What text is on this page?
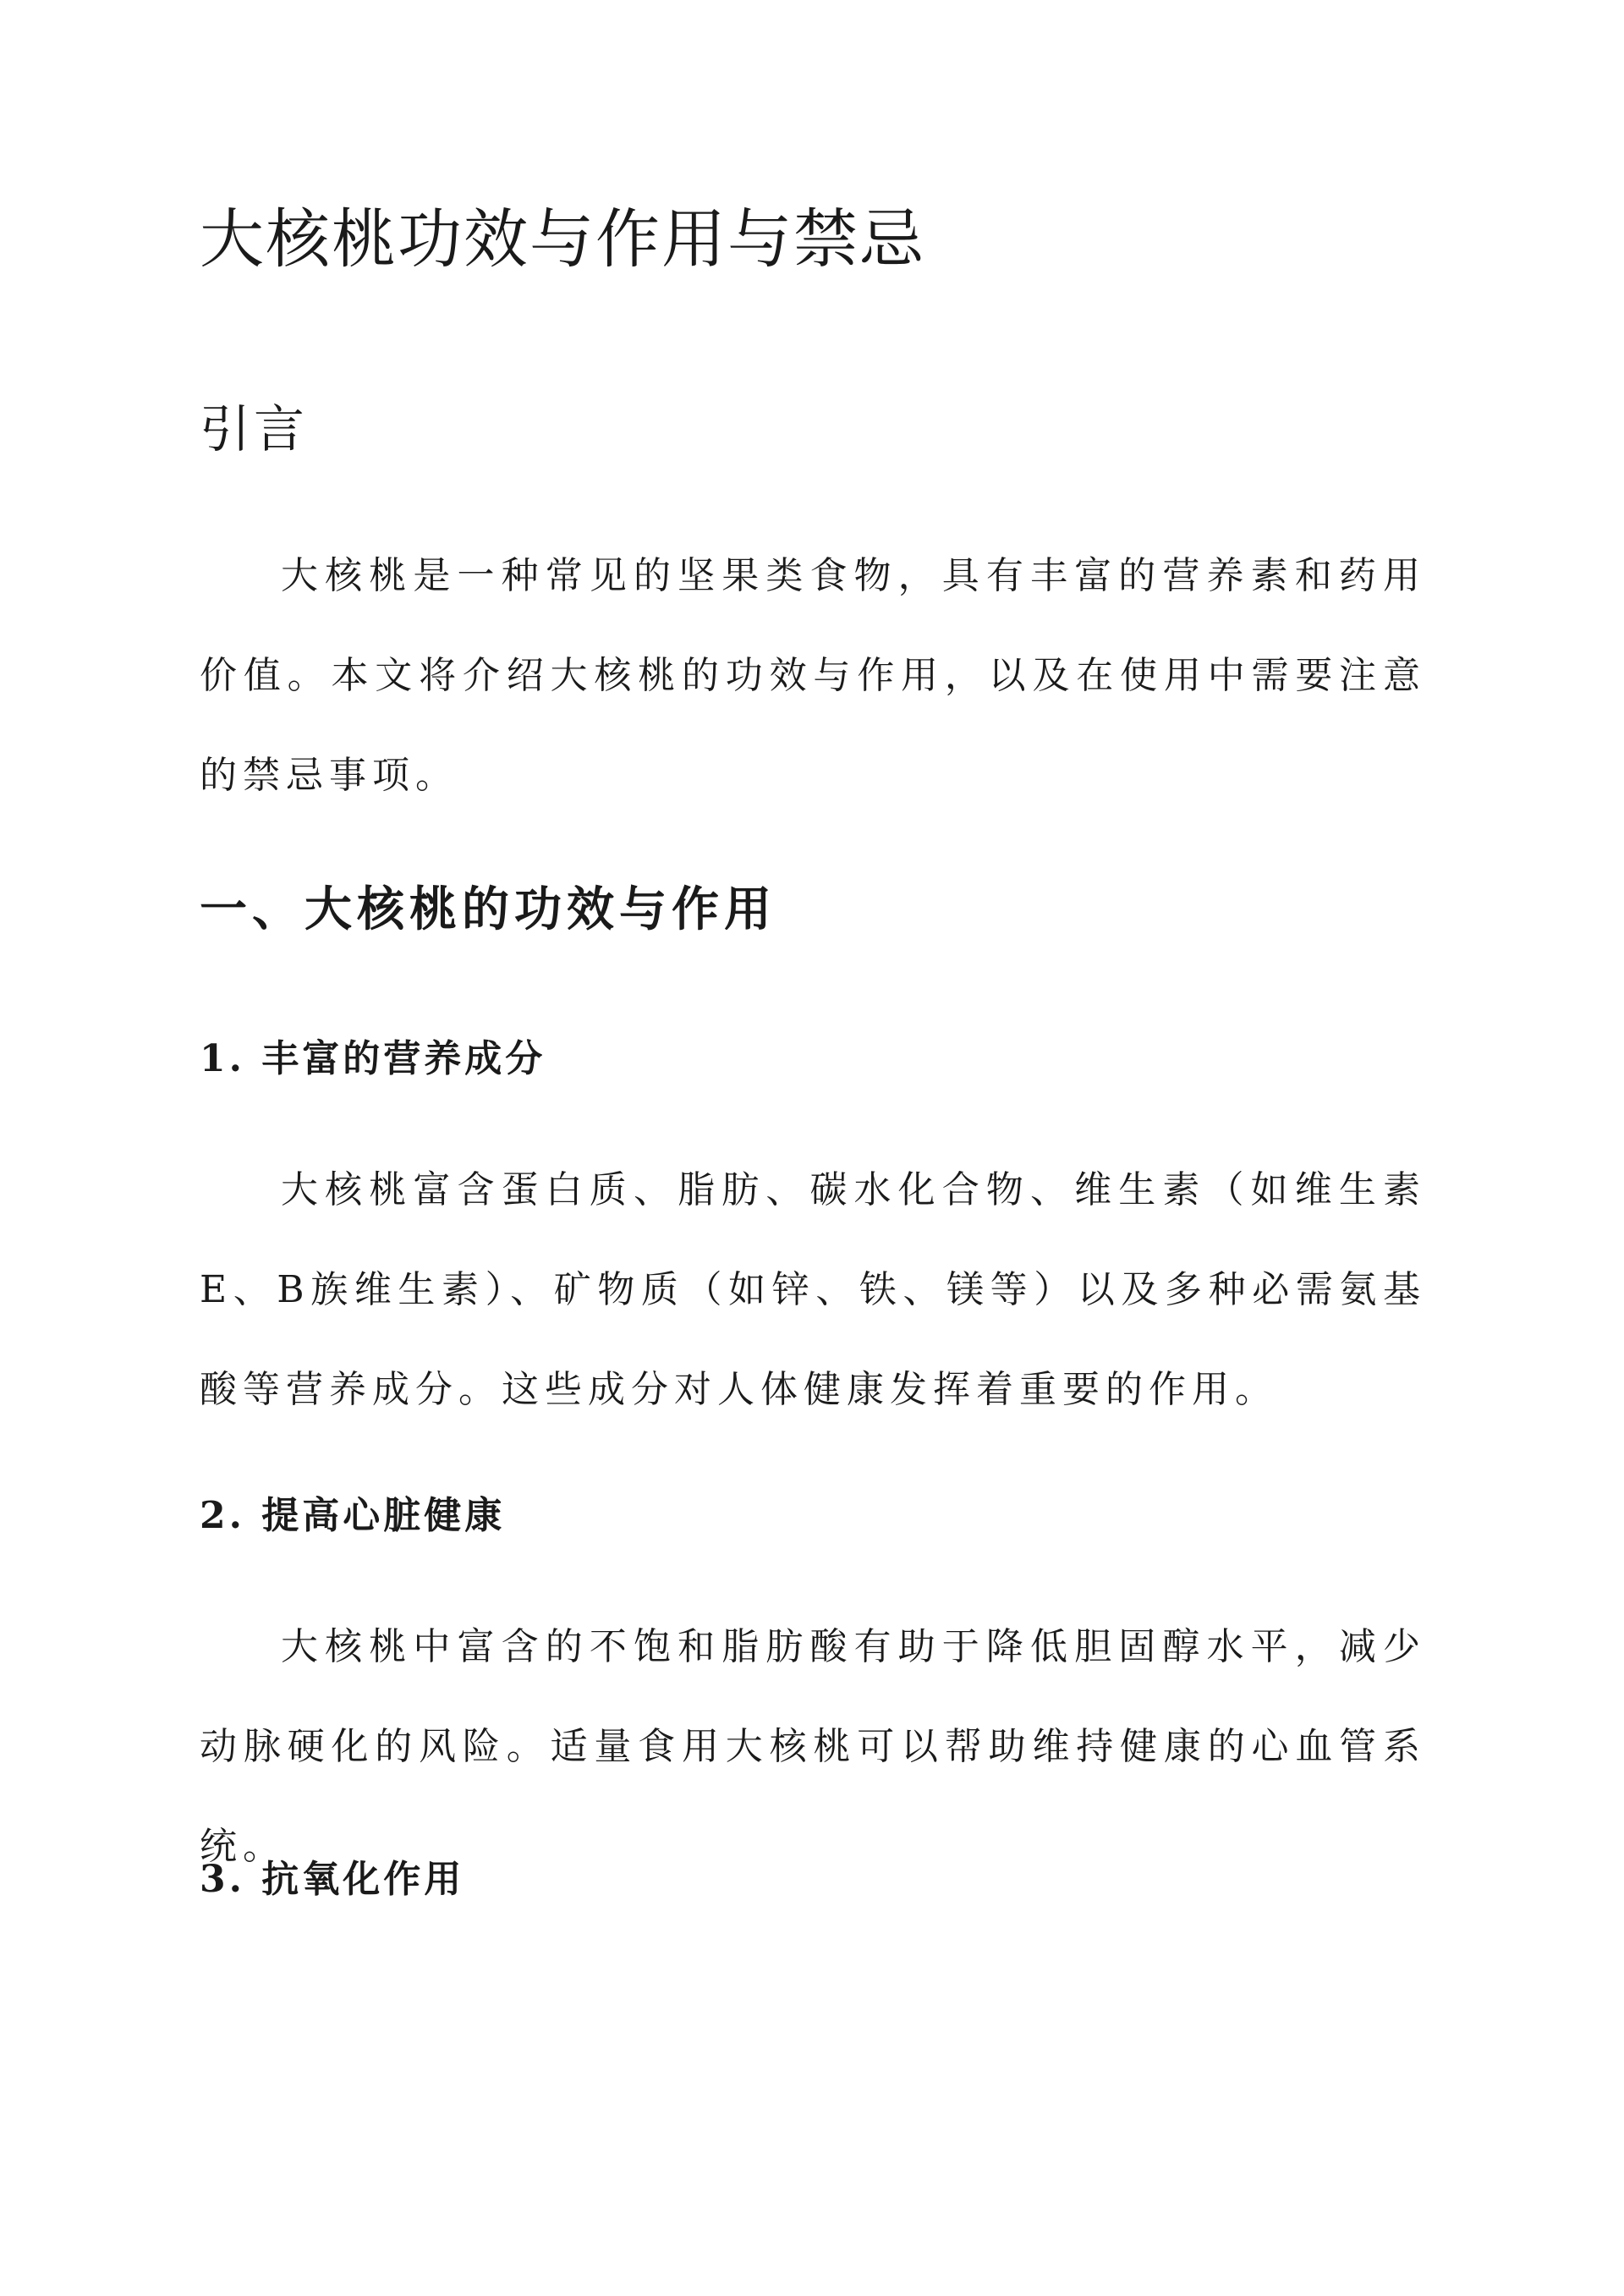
大核桃功效与作用与禁忌
引言

大核桃是一种常见的坚果类食物，具有丰富的营养素和药用价值。本文将介绍大核桃的功效与作用，以及在使用中需要注意的禁忌事项。

一、大核桃的功效与作用
1. 丰富的营养成分

大核桃富含蛋白质、脂肪、碳水化合物、维生素（如维生素E、B族维生素）、矿物质（如锌、铁、镁等）以及多种必需氨基酸等营养成分。这些成分对人体健康发挥着重要的作用。

2. 提高心脏健康

大核桃中富含的不饱和脂肪酸有助于降低胆固醇水平，减少动脉硬化的风险。适量食用大核桃可以帮助维持健康的心血管系统。

3. 抗氧化作用
